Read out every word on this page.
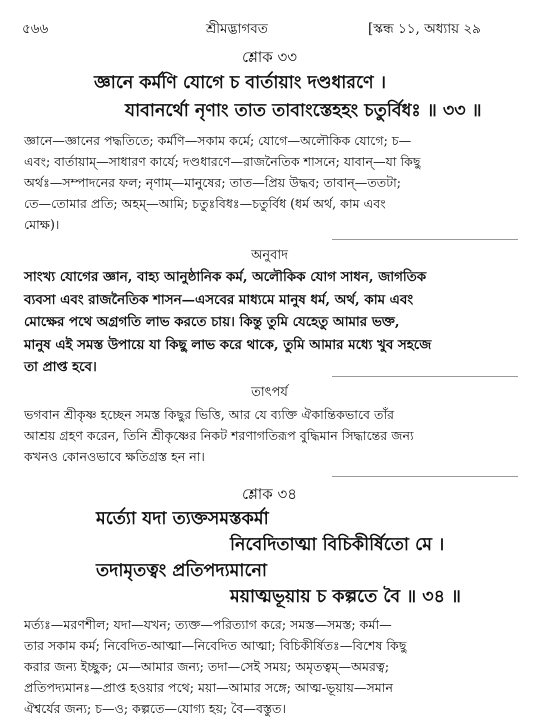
৫৬৬	শ্রীমদ্ভাগবত	[স্কন্ধ ১১, অধ্যায় ২৯
শ্লোক ৩৩
জ্ঞানে কর্মণি যোগে চ বার্তায়াং দণ্ডধারণে ।
যাবানর্থো নৃণাং তাত তাবাংস্তেহহং চতুর্বিধঃ ॥ ৩৩ ॥

জ্ঞানে—জ্ঞানের পদ্ধতিতে; কর্মণি—সকাম কর্মে; যোগে—অলৌকিক যোগে; চ—

এবং; বার্তায়াম্—সাধারণ কার্যে; দণ্ডধারণে—রাজনৈতিক শাসনে; যাবান্—যা কিছু

অর্থঃ—সম্পাদনের ফল; নৃণাম্—মানুষের; তাত—প্রিয় উদ্ধব; তাবান্—ততটা;

তে—তোমার প্রতি; অহম্—আমি; চতুঃবিধঃ—চতুর্বিধ (ধর্ম অর্থ, কাম এবং

মোক্ষ)।

অনুবাদ

সাংখ্য যোগের জ্ঞান, বাহ্য আনুষ্ঠানিক কর্ম, অলৌকিক যোগ সাধন, জাগতিক

ব্যবসা এবং রাজনৈতিক শাসন—এসবের মাধ্যমে মানুষ ধর্ম, অর্থ, কাম এবং

মোক্ষের পথে অগ্রগতি লাভ করতে চায়। কিন্তু তুমি যেহেতু আমার ভক্ত,

মানুষ এই সমস্ত উপায়ে যা কিছু লাভ করে থাকে, তুমি আমার মধ্যে খুব সহজে

তা প্রাপ্ত হবে।

তাৎপর্য

ভগবান শ্রীকৃষ্ণ হচ্ছেন সমস্ত কিছুর ভিত্তি, আর যে ব্যক্তি ঐকান্তিকভাবে তাঁর

আশ্রয় গ্রহণ করেন, তিনি শ্রীকৃষ্ণের নিকট শরণাগতিরূপ বুদ্ধিমান সিদ্ধান্তের জন্য

কখনও কোনওভাবে ক্ষতিগ্রস্ত হন না।

শ্লোক ৩৪
মর্ত্যো যদা ত্যক্তসমস্তকর্মা
নিবেদিতাত্মা বিচিকীর্ষিতো মে ।
তদামৃতত্বং প্রতিপদ্যমানো
ময়াত্মভূয়ায় চ কল্পতে বৈ ॥ ৩৪ ॥

মর্ত্যঃ—মরণশীল; যদা—যখন; ত্যক্ত—পরিত্যাগ করে; সমস্ত—সমস্ত; কর্মা—

তার সকাম কর্ম; নিবেদিত-আত্মা—নিবেদিত আত্মা; বিচিকীর্ষিতঃ—বিশেষ কিছু

করার জন্য ইচ্ছুক; মে—আমার জন্য; তদা—সেই সময়; অমৃতত্বম্—অমরত্ব;

প্রতিপদ্যমানঃ—প্রাপ্ত হওয়ার পথে; ময়া—আমার সঙ্গে; আত্ম-ভূয়ায়—সমান

ঐশ্বর্যের জন্য; চ—ও; কল্পতে—যোগ্য হয়; বৈ—বস্তুত।
